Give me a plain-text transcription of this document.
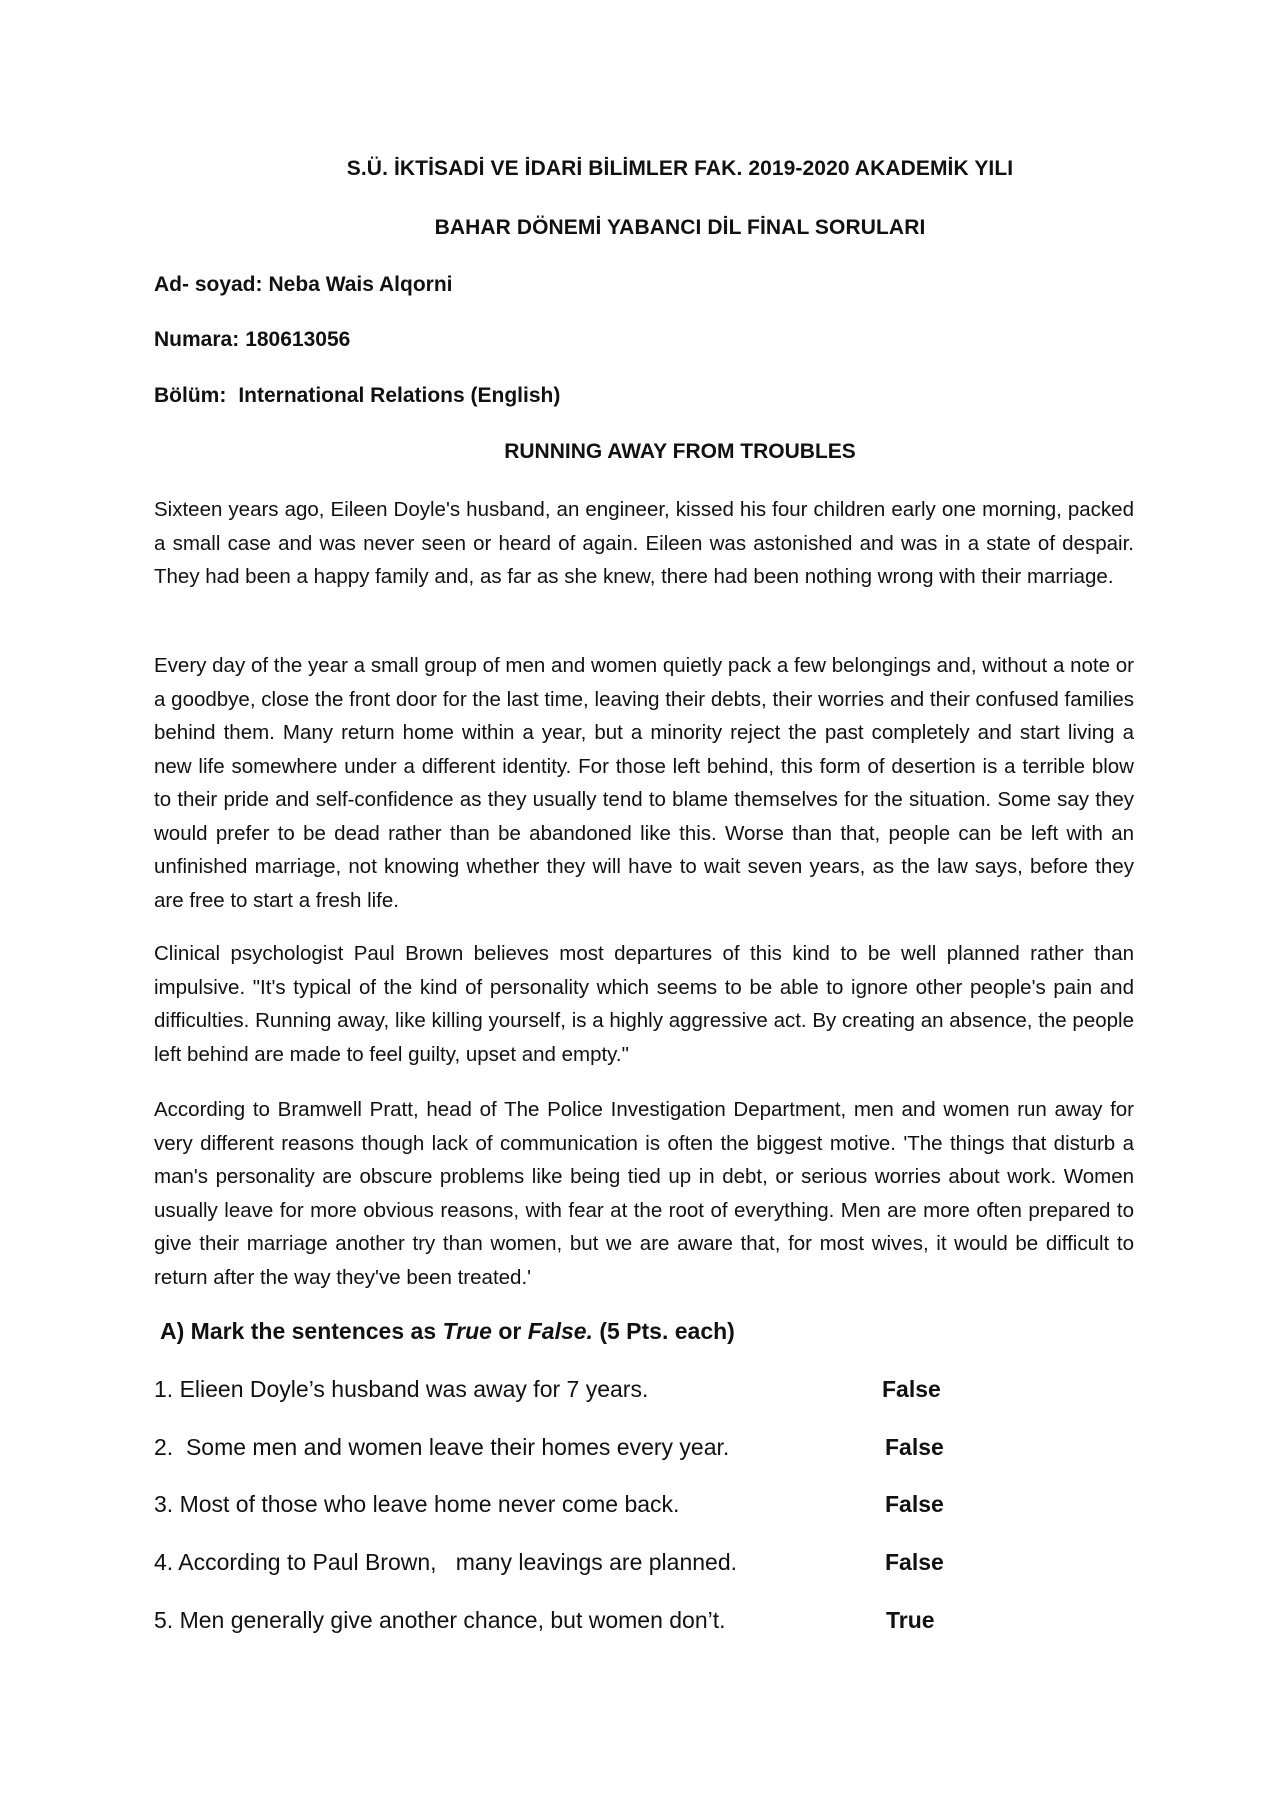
S.Ü. İKTİSADİ VE İDARİ BİLİMLER FAK. 2019-2020 AKADEMİK YILI
BAHAR DÖNEMİ YABANCI DİL FİNAL SORULARI
Ad- soyad: Neba Wais Alqorni
Numara: 180613056
Bölüm: International Relations (English)
RUNNING AWAY FROM TROUBLES

Sixteen years ago, Eileen Doyle's husband, an engineer, kissed his four children early one morning, packed a small case and was never seen or heard of again. Eileen was astonished and was in a state of despair. They had been a happy family and, as far as she knew, there had been nothing wrong with their marriage.

Every day of the year a small group of men and women quietly pack a few belongings and, without a note or a goodbye, close the front door for the last time, leaving their debts, their worries and their confused families behind them. Many return home within a year, but a minority reject the past completely and start living a new life somewhere under a different identity. For those left behind, this form of desertion is a terrible blow to their pride and self-confidence as they usually tend to blame themselves for the situation. Some say they would prefer to be dead rather than be abandoned like this. Worse than that, people can be left with an unfinished marriage, not knowing whether they will have to wait seven years, as the law says, before they are free to start a fresh life.

Clinical psychologist Paul Brown believes most departures of this kind to be well planned rather than impulsive. "It's typical of the kind of personality which seems to be able to ignore other people's pain and difficulties. Running away, like killing yourself, is a highly aggressive act. By creating an absence, the people left behind are made to feel guilty, upset and empty."

According to Bramwell Pratt, head of The Police Investigation Department, men and women run away for very different reasons though lack of communication is often the biggest motive. 'The things that disturb a man's personality are obscure problems like being tied up in debt, or serious worries about work. Women usually leave for more obvious reasons, with fear at the root of everything. Men are more often prepared to give their marriage another try than women, but we are aware that, for most wives, it would be difficult to return after the way they've been treated.'

A) Mark the sentences as True or False. (5 Pts. each)
1. Elieen Doyle’s husband was away for 7 years.	False
2.  Some men and women leave their homes every year.	False
3. Most of those who leave home never come back.	False
4. According to Paul Brown,   many leavings are planned.	False
5. Men generally give another chance, but women don’t.	True
